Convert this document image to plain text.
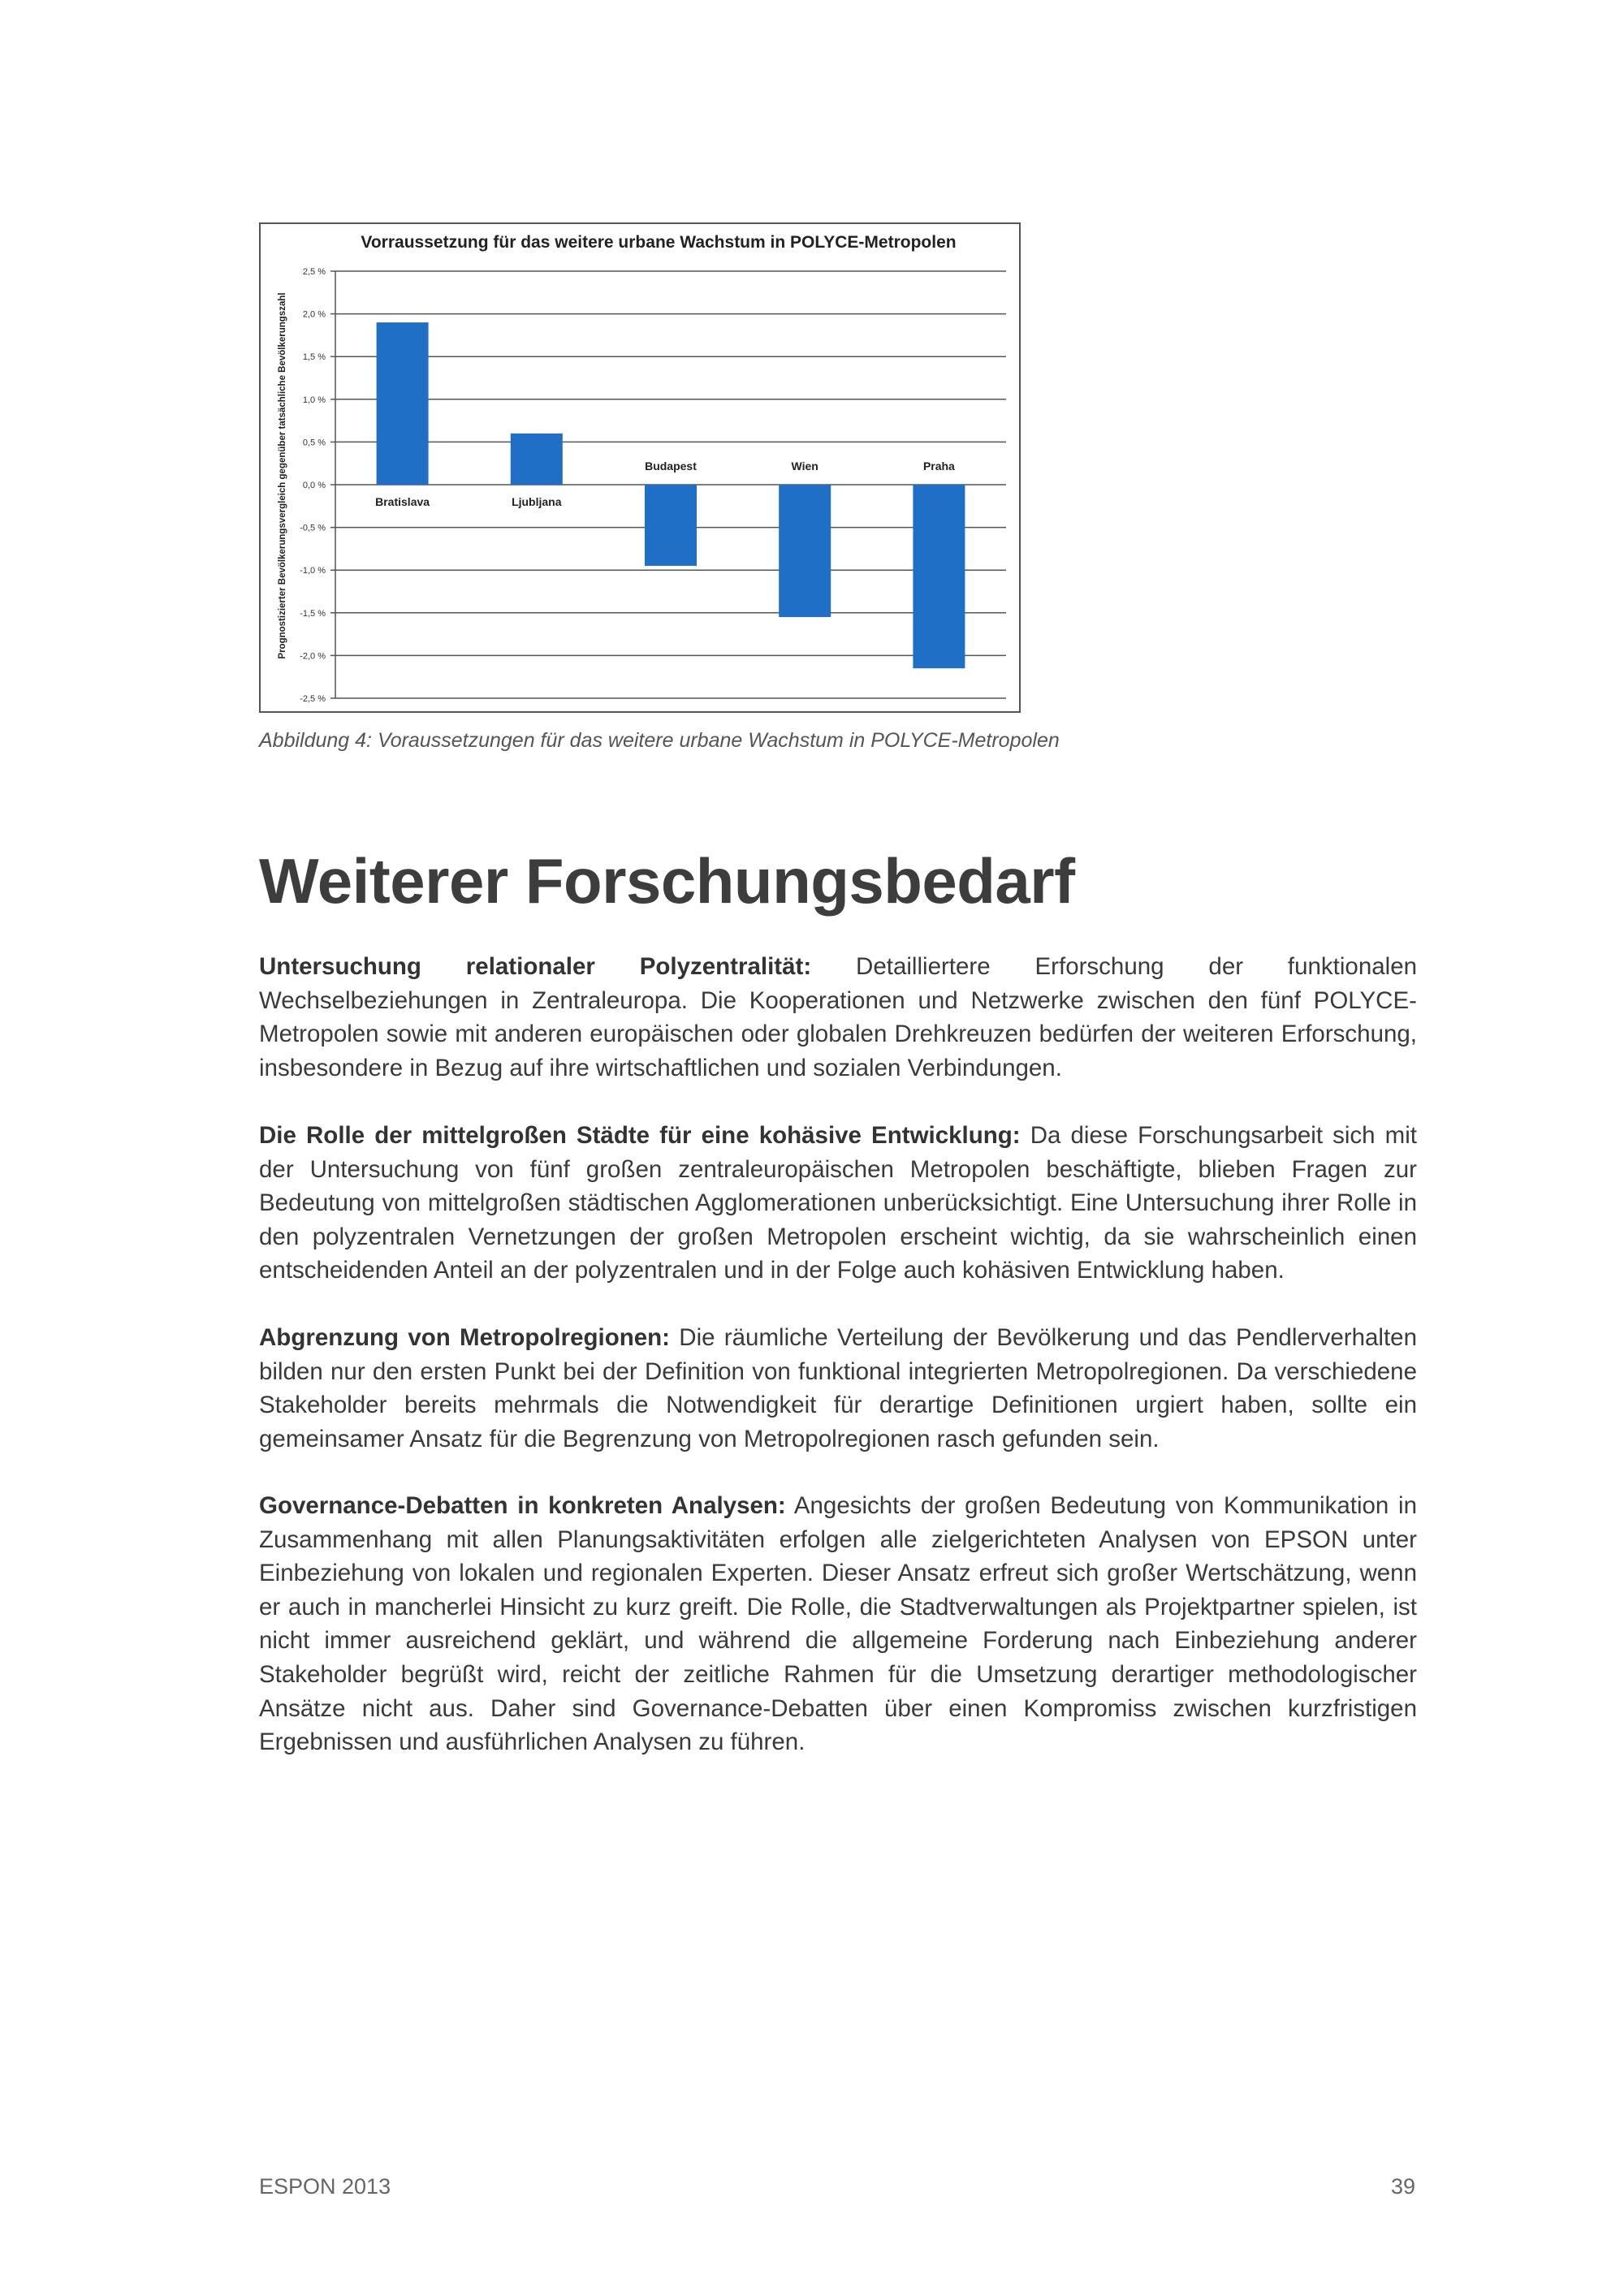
2,5 %
2,0 %
1,5 %
1,0 %
0,5 %
0,0 %
-0,5 %
-1,0 %
-1,5 %
-2,0 %
-2,5 %
Bratislava	Ljubljana
Budapest	Wien	Praha
Vorraussetzung für das weitere urbane Wachstum in POLYCE-Metropolen
Prognostizierter Bevölkerungsvergleich gegenüber tatsächliche Bevölkerungszahl
Abbildung 4: Voraussetzungen für das weitere urbane Wachstum in POLYCE-Metropolen
Weiterer Forschungsbedarf

Untersuchung relationaler Polyzentralität: Detailliertere Erforschung der funktionalen Wechselbeziehungen in Zentraleuropa. Die Kooperationen und Netzwerke zwischen den fünf POLYCE-Metropolen sowie mit anderen europäischen oder globalen Drehkreuzen bedürfen der weiteren Erforschung, insbesondere in Bezug auf ihre wirtschaftlichen und sozialen Verbindungen.

Die Rolle der mittelgroßen Städte für eine kohäsive Entwicklung: Da diese Forschungsarbeit sich mit der Untersuchung von fünf großen zentraleuropäischen Metropolen beschäftigte, blieben Fragen zur Bedeutung von mittelgroßen städtischen Agglomerationen unberücksichtigt. Eine Untersuchung ihrer Rolle in den polyzentralen Vernetzungen der großen Metropolen erscheint wichtig, da sie wahrscheinlich einen entscheidenden Anteil an der polyzentralen und in der Folge auch kohäsiven Entwicklung haben.

Abgrenzung von Metropolregionen: Die räumliche Verteilung der Bevölkerung und das Pendlerverhalten bilden nur den ersten Punkt bei der Definition von funktional integrierten Metropolregionen. Da verschiedene Stakeholder bereits mehrmals die Notwendigkeit für derartige Definitionen urgiert haben, sollte ein gemeinsamer Ansatz für die Begrenzung von Metropolregionen rasch gefunden sein.

Governance-Debatten in konkreten Analysen: Angesichts der großen Bedeutung von Kommunikation in Zusammenhang mit allen Planungsaktivitäten erfolgen alle zielgerichteten Analysen von EPSON unter Einbeziehung von lokalen und regionalen Experten. Dieser Ansatz erfreut sich großer Wertschätzung, wenn er auch in mancherlei Hinsicht zu kurz greift. Die Rolle, die Stadtverwaltungen als Projektpartner spielen, ist nicht immer ausreichend geklärt, und während die allgemeine Forderung nach Einbeziehung anderer Stakeholder begrüßt wird, reicht der zeitliche Rahmen für die Umsetzung derartiger methodologischer Ansätze nicht aus. Daher sind Governance-Debatten über einen Kompromiss zwischen kurzfristigen Ergebnissen und ausführlichen Analysen zu führen.

ESPON 2013	39
